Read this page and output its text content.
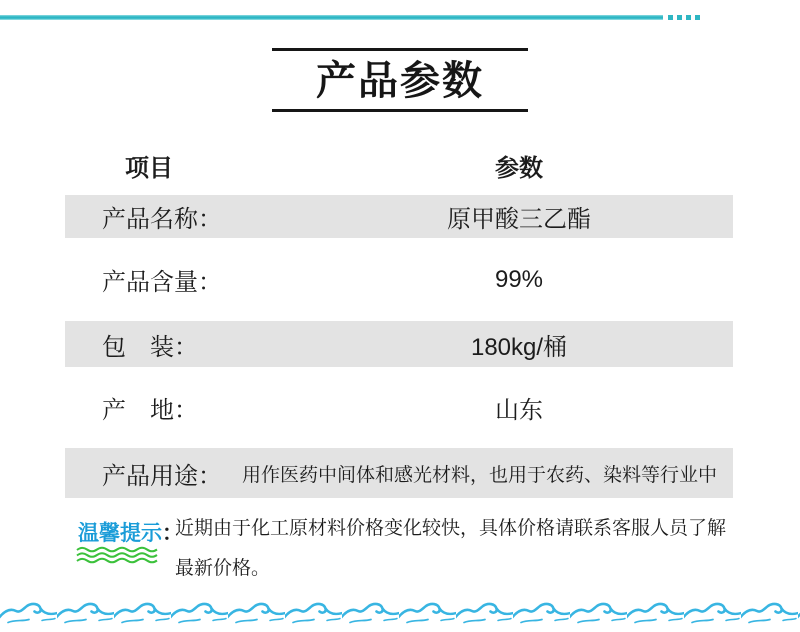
产品参数
项目	参数
产品名称：	原甲酸三乙酯
产品含量：	99%
包　装：	180kg/桶
产　地：	山东
产品用途：	用作医药中间体和感光材料，也用于农药、染料等行业中
温馨提示：
近期由于化工原材料价格变化较快，具体价格请联系客服人员了解
最新价格。
